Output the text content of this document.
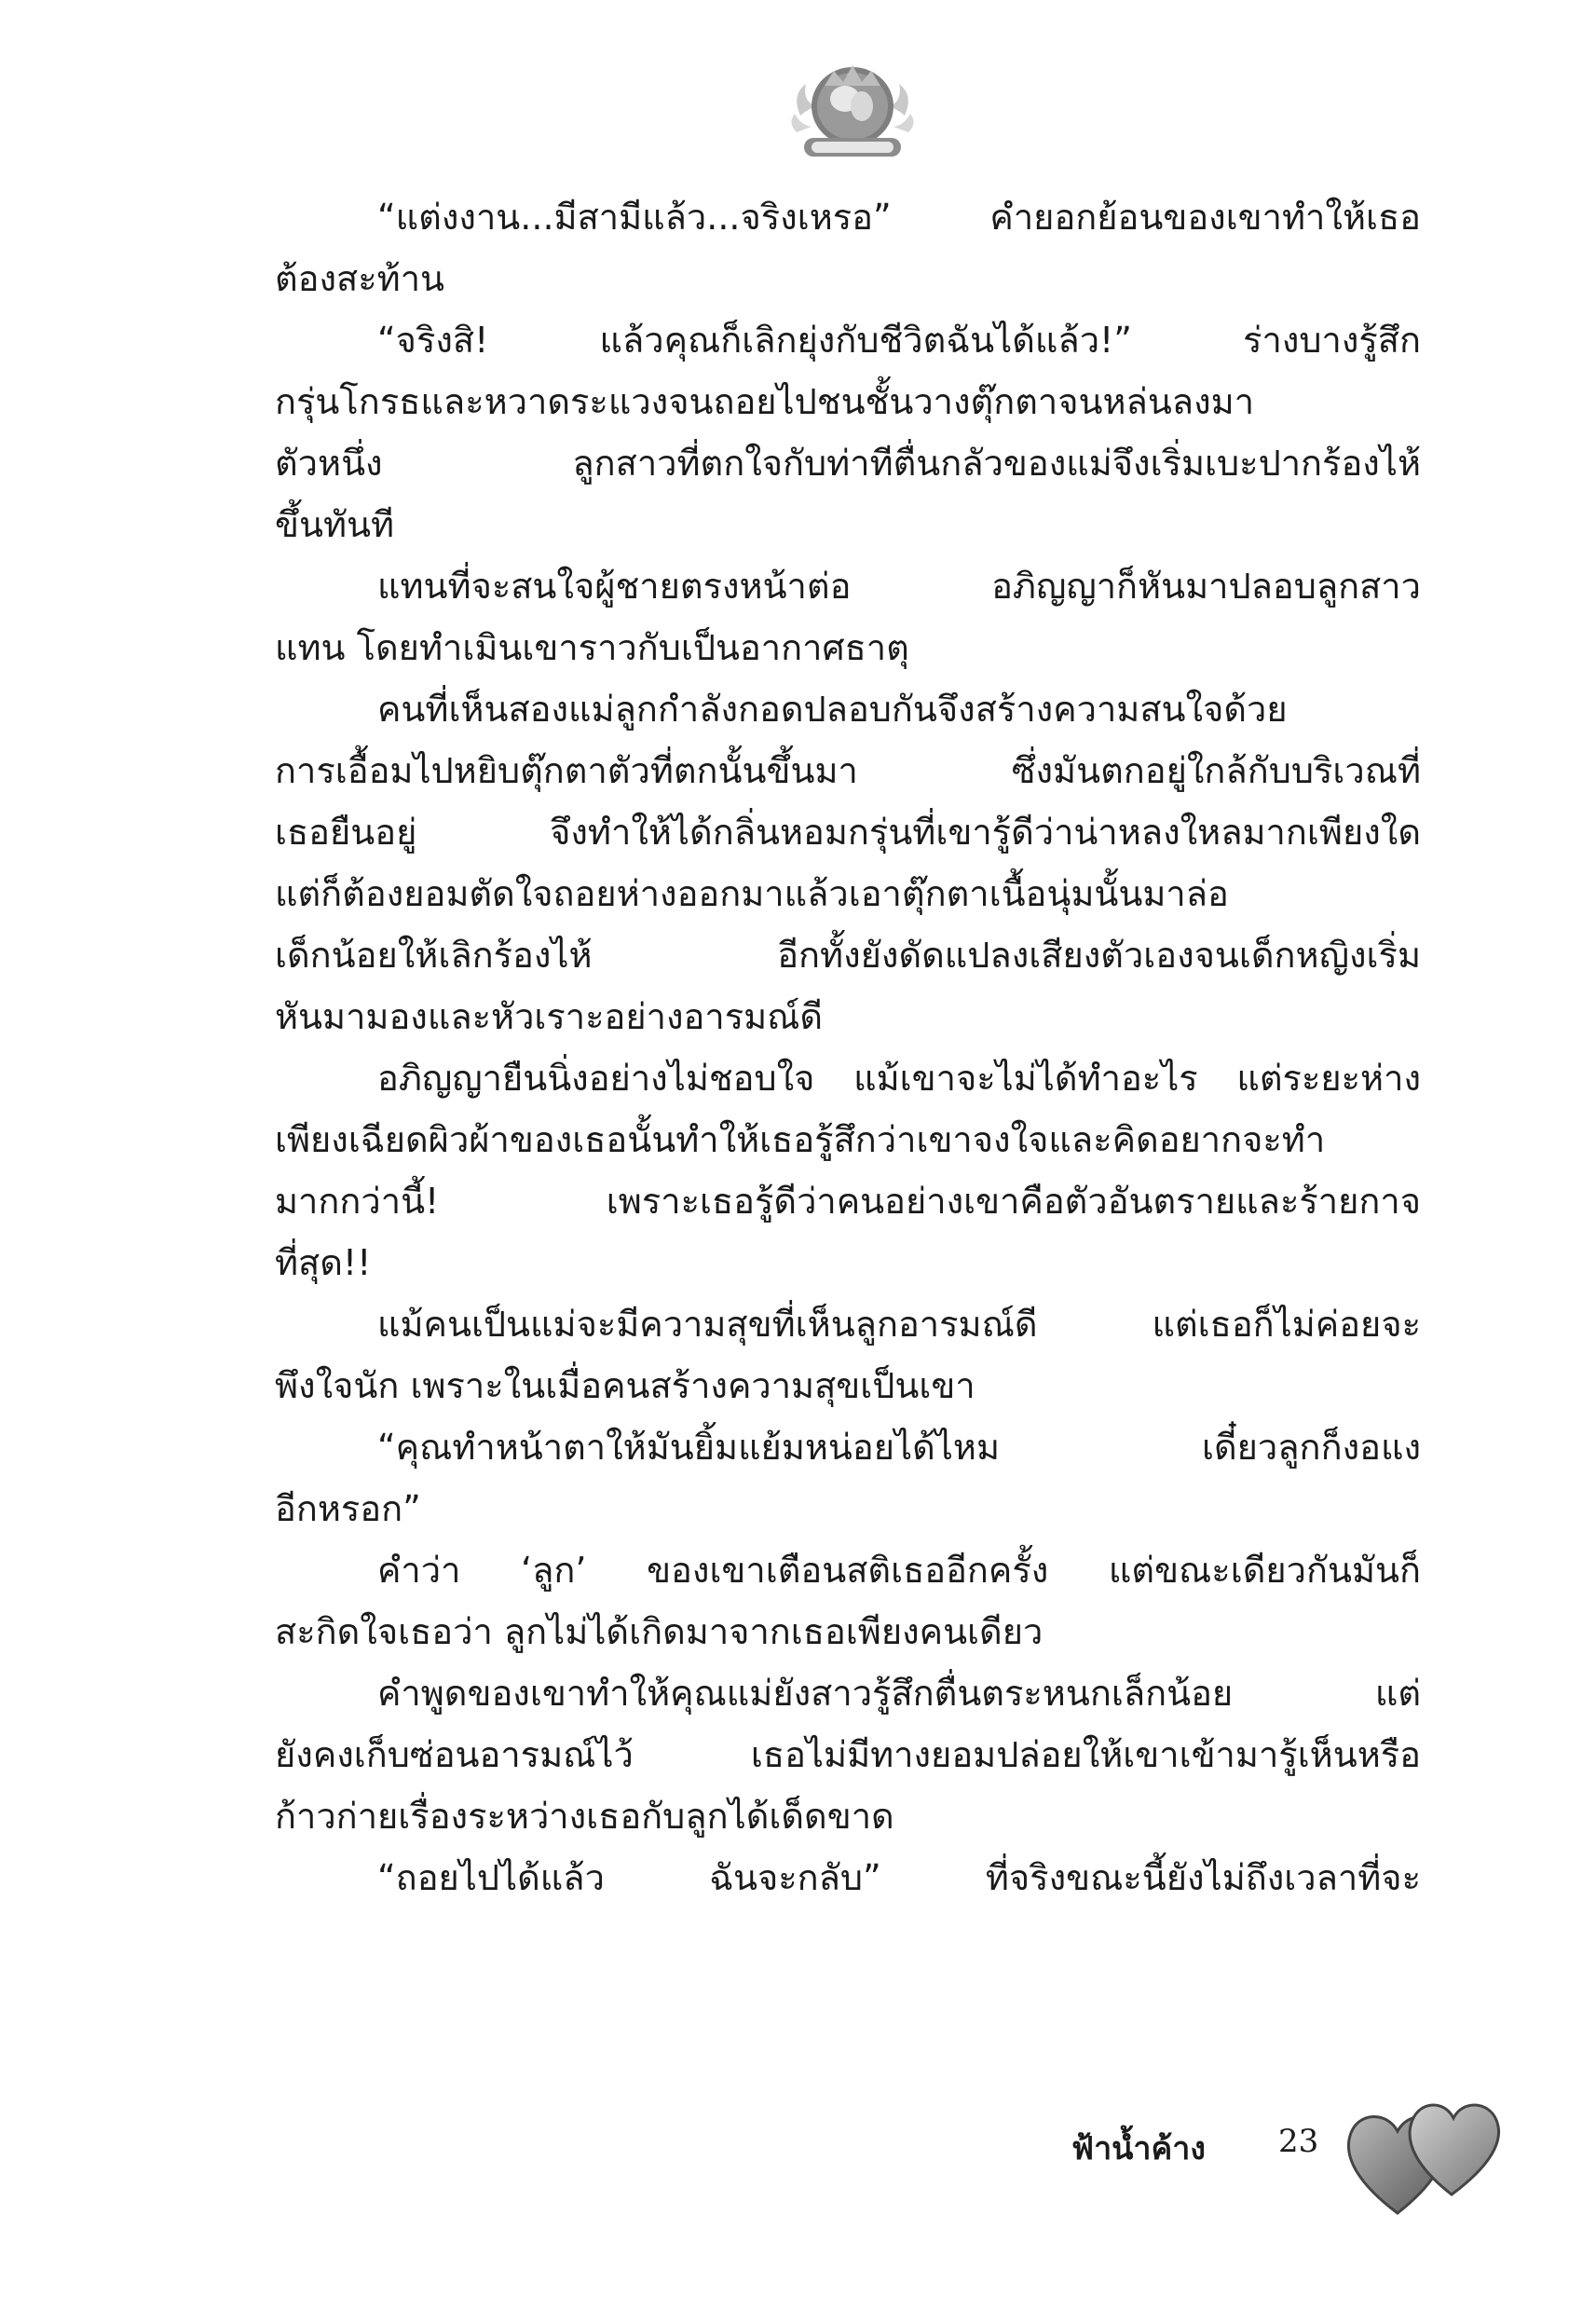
“แต่งงาน...มีสามีแล้ว...จริงเหรอ” คำยอกย้อนของเขาทำให้เธอ
ต้องสะท้าน
“จริงสิ! แล้วคุณก็เลิกยุ่งกับชีวิตฉันได้แล้ว!” ร่างบางรู้สึก
กรุ่นโกรธและหวาดระแวงจนถอยไปชนชั้นวางตุ๊กตาจนหล่นลงมา
ตัวหนึ่ง ลูกสาวที่ตกใจกับท่าทีตื่นกลัวของแม่จึงเริ่มเบะปากร้องไห้
ขึ้นทันที
แทนที่จะสนใจผู้ชายตรงหน้าต่อ อภิญญาก็หันมาปลอบลูกสาว
แทน โดยทำเมินเขาราวกับเป็นอากาศธาตุ
คนที่เห็นสองแม่ลูกกำลังกอดปลอบกันจึงสร้างความสนใจด้วย
การเอื้อมไปหยิบตุ๊กตาตัวที่ตกนั้นขึ้นมา ซึ่งมันตกอยู่ใกล้กับบริเวณที่
เธอยืนอยู่ จึงทำให้ได้กลิ่นหอมกรุ่นที่เขารู้ดีว่าน่าหลงใหลมากเพียงใด
แต่ก็ต้องยอมตัดใจถอยห่างออกมาแล้วเอาตุ๊กตาเนื้อนุ่มนั้นมาล่อ
เด็กน้อยให้เลิกร้องไห้ อีกทั้งยังดัดแปลงเสียงตัวเองจนเด็กหญิงเริ่ม
หันมามองและหัวเราะอย่างอารมณ์ดี
อภิญญายืนนิ่งอย่างไม่ชอบใจ แม้เขาจะไม่ได้ทำอะไร แต่ระยะห่าง
เพียงเฉียดผิวผ้าของเธอนั้นทำให้เธอรู้สึกว่าเขาจงใจและคิดอยากจะทำ
มากกว่านี้! เพราะเธอรู้ดีว่าคนอย่างเขาคือตัวอันตรายและร้ายกาจ
ที่สุด!!
แม้คนเป็นแม่จะมีความสุขที่เห็นลูกอารมณ์ดี แต่เธอก็ไม่ค่อยจะ
พึงใจนัก เพราะในเมื่อคนสร้างความสุขเป็นเขา
“คุณทำหน้าตาให้มันยิ้มแย้มหน่อยได้ไหม เดี๋ยวลูกก็งอแง
อีกหรอก”
คำว่า ‘ลูก’ ของเขาเตือนสติเธออีกครั้ง แต่ขณะเดียวกันมันก็
สะกิดใจเธอว่า ลูกไม่ได้เกิดมาจากเธอเพียงคนเดียว
คำพูดของเขาทำให้คุณแม่ยังสาวรู้สึกตื่นตระหนกเล็กน้อย แต่
ยังคงเก็บซ่อนอารมณ์ไว้ เธอไม่มีทางยอมปล่อยให้เขาเข้ามารู้เห็นหรือ
ก้าวก่ายเรื่องระหว่างเธอกับลูกได้เด็ดขาด
“ถอยไปได้แล้ว ฉันจะกลับ” ที่จริงขณะนี้ยังไม่ถึงเวลาที่จะ
ฟ้าน้ำค้าง 23
